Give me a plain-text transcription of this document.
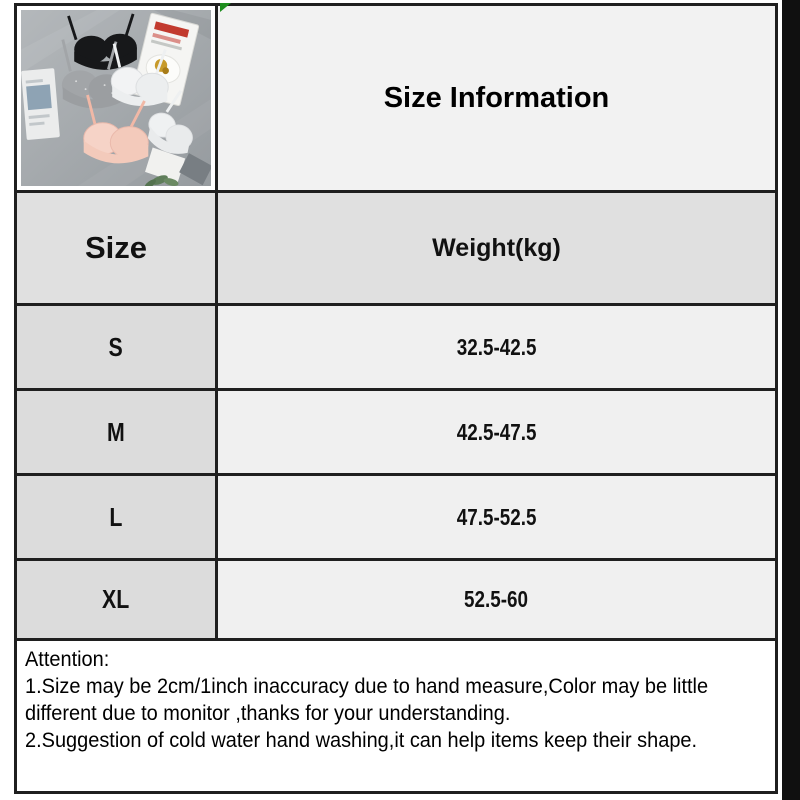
Size Information
Size	Weight(kg)
S	32.5-42.5
M	42.5-47.5
L	47.5-52.5
XL	52.5-60
Attention:
1.Size may be 2cm/1inch inaccuracy due to hand measure,Color may be little different due to monitor ,thanks for your understanding.
2.Suggestion of cold water hand washing,it can help items keep their shape.
